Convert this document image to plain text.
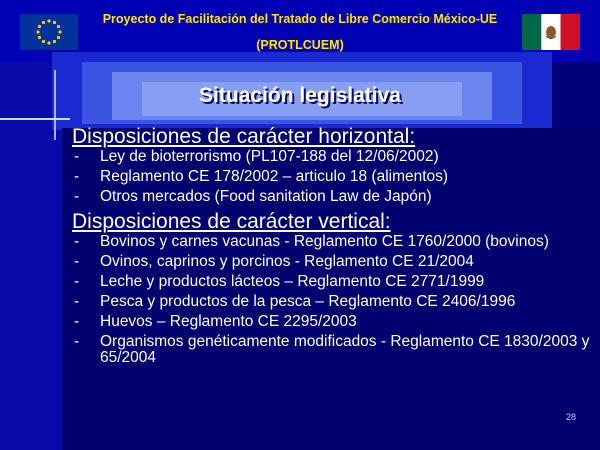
Proyecto de Facilitación del Tratado de Libre Comercio México-UE
(PROTLCUEM)
Situación legislativa

Disposiciones de carácter horizontal:

- Ley de bioterrorismo (PL107-188 del 12/06/2002)
- Reglamento CE 178/2002 – articulo 18 (alimentos)
- Otros mercados (Food sanitation Law de Japón)

Disposiciones de carácter vertical:

- Bovinos y carnes vacunas - Reglamento CE 1760/2000 (bovinos)
- Ovinos, caprinos y porcinos - Reglamento CE 21/2004
- Leche y productos lácteos – Reglamento CE 2771/1999
- Pesca y productos de la pesca – Reglamento CE 2406/1996
- Huevos – Reglamento CE 2295/2003
- Organismos genéticamente modificados - Reglamento CE 1830/2003 y 65/2004
28
